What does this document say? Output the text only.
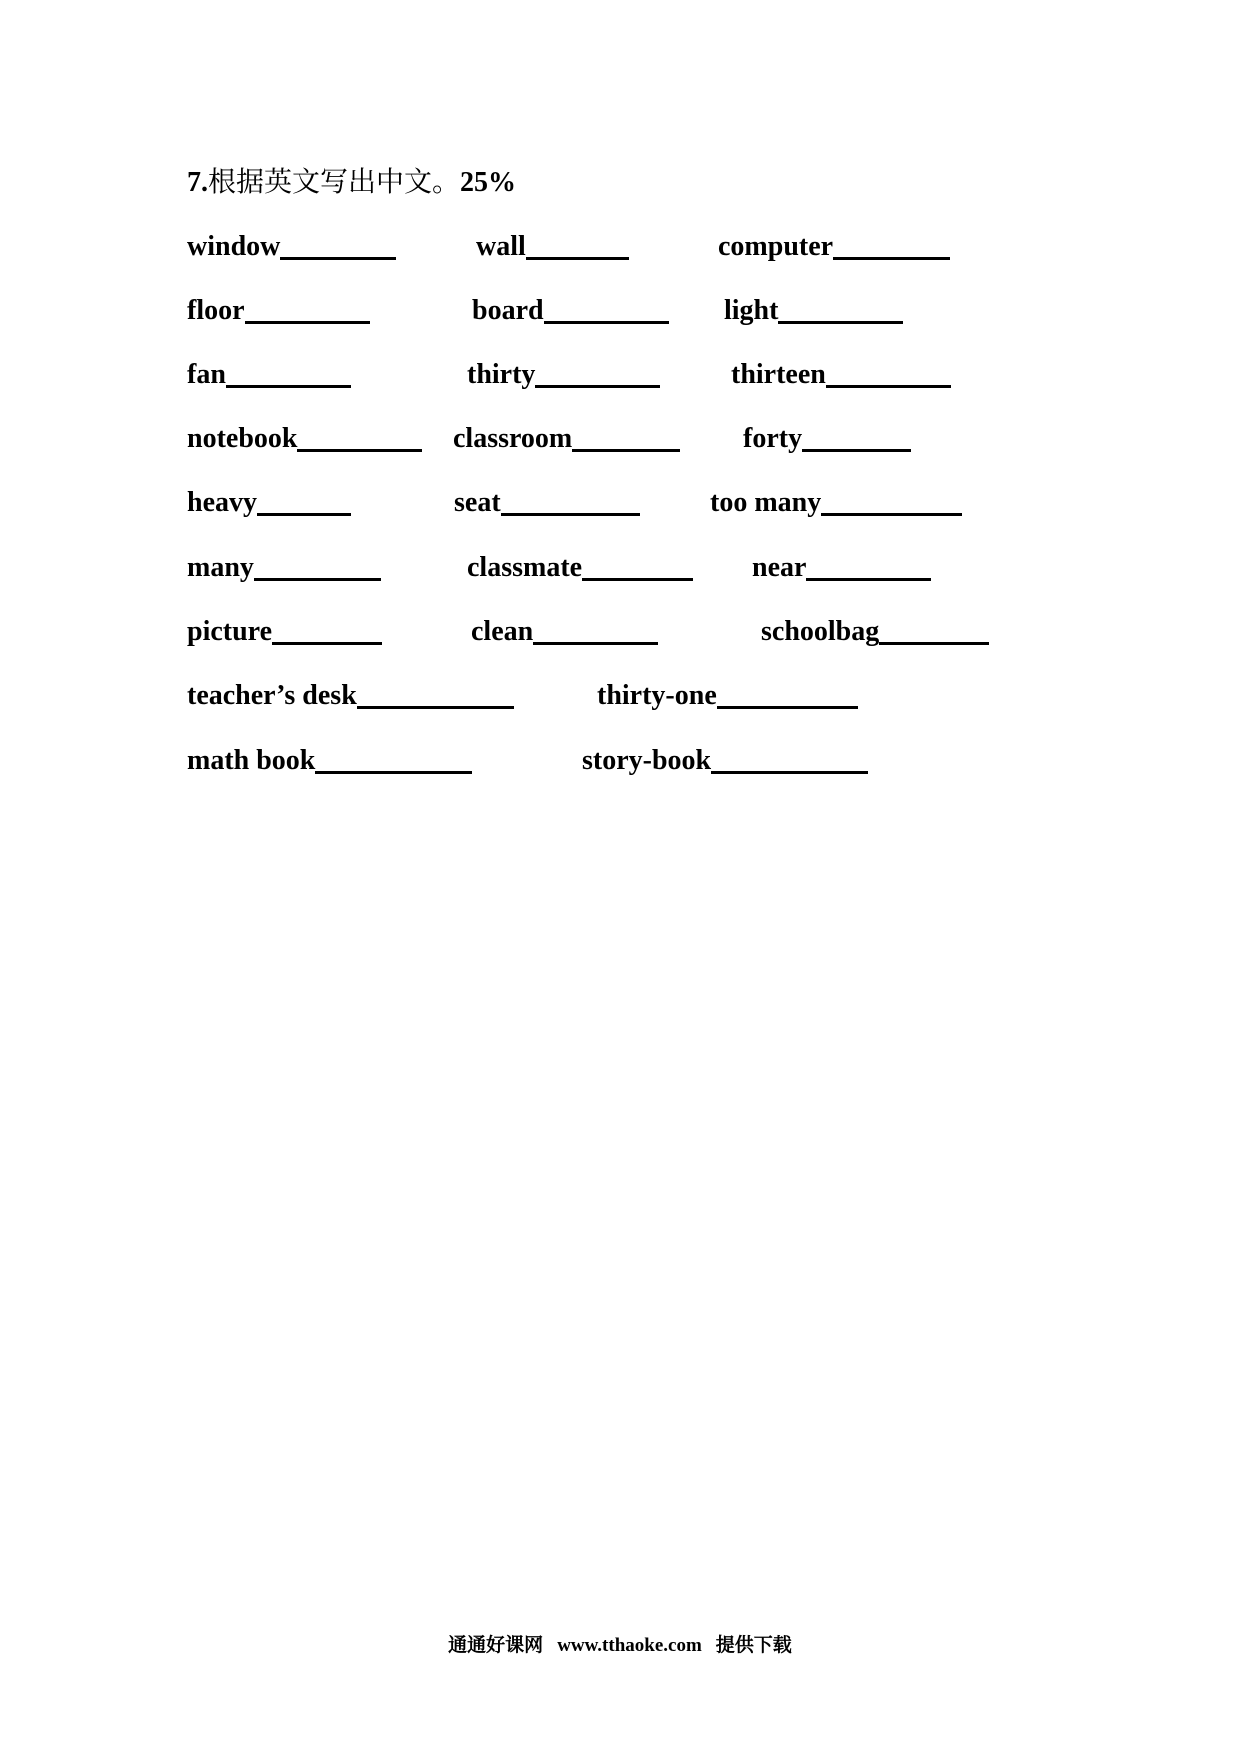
7.根据英文写出中文。25%
window	wall	computer
floor	board	light
fan	thirty	thirteen
notebook	classroom	forty
heavy	seat	too many
many	classmate	near
picture	clean	schoolbag
teacher’s desk	thirty-one
math book	story-book
通通好课网 www.tthaoke.com 提供下载
